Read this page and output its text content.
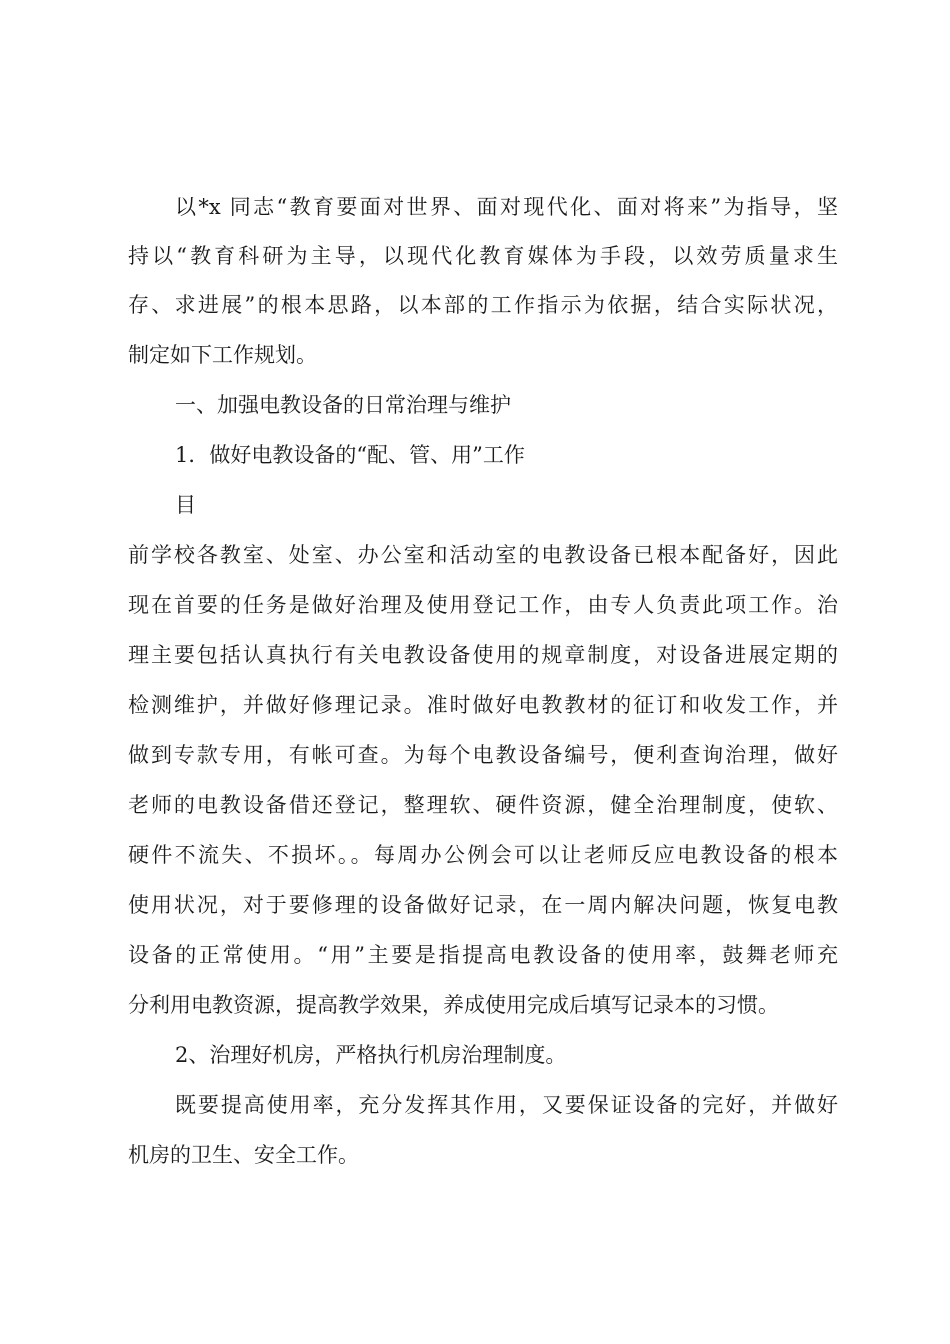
以*x 同志“教育要面对世界、面对现代化、面对将来”为指导，坚

持以“教育科研为主导，以现代化教育媒体为手段，以效劳质量求生

存、求进展”的根本思路，以本部的工作指示为依据，结合实际状况，

制定如下工作规划。

一、加强电教设备的日常治理与维护

1．做好电教设备的“配、管、用”工作

目

前学校各教室、处室、办公室和活动室的电教设备已根本配备好，因此

现在首要的任务是做好治理及使用登记工作，由专人负责此项工作。治

理主要包括认真执行有关电教设备使用的规章制度，对设备进展定期的

检测维护，并做好修理记录。准时做好电教教材的征订和收发工作，并

做到专款专用，有帐可查。为每个电教设备编号，便利查询治理，做好

老师的电教设备借还登记，整理软、硬件资源，健全治理制度，使软、

硬件不流失、不损坏。。每周办公例会可以让老师反应电教设备的根本

使用状况，对于要修理的设备做好记录，在一周内解决问题，恢复电教

设备的正常使用。“用”主要是指提高电教设备的使用率，鼓舞老师充

分利用电教资源，提高教学效果，养成使用完成后填写记录本的习惯。

2、治理好机房，严格执行机房治理制度。

既要提高使用率，充分发挥其作用，又要保证设备的完好，并做好

机房的卫生、安全工作。
